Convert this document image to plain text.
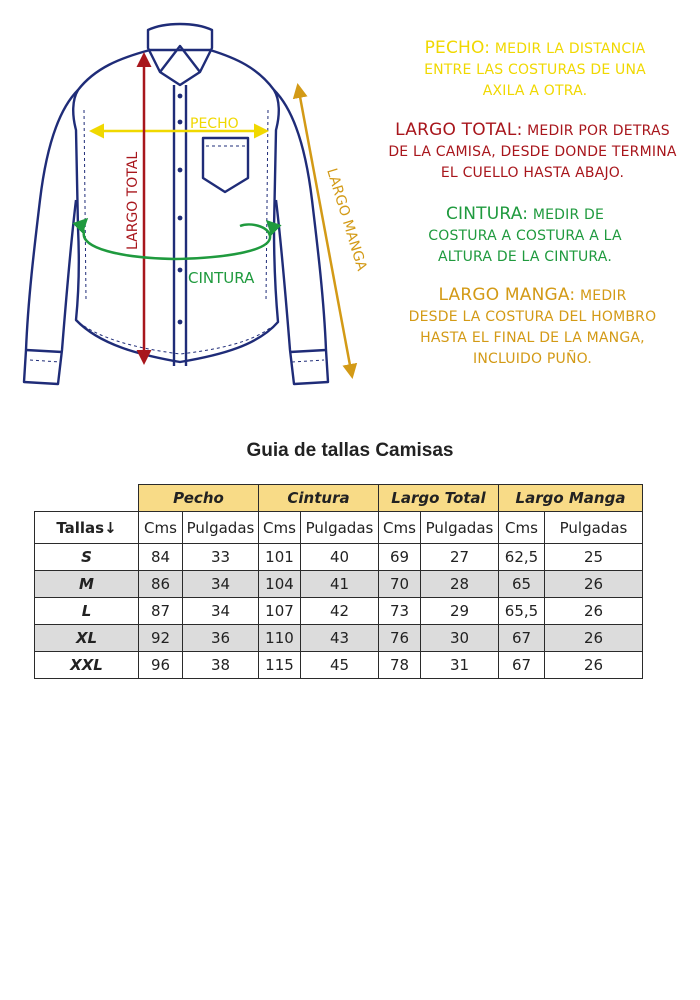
PECHO
LARGO TOTAL
CINTURA
LARGO MANGA
PECHO: MEDIR LA DISTANCIA
ENTRE LAS COSTURAS DE UNA
AXILA A OTRA.
LARGO TOTAL: MEDIR POR DETRAS
DE LA CAMISA, DESDE DONDE TERMINA
EL CUELLO HASTA ABAJO.
CINTURA: MEDIR DE
COSTURA A COSTURA A LA
ALTURA DE LA CINTURA.
LARGO MANGA: MEDIR
DESDE LA COSTURA DEL HOMBRO
HASTA EL FINAL DE LA MANGA,
INCLUIDO PUÑO.
Guia de tallas Camisas
	Pecho		Cintura		Largo Total		Largo Manga	
Tallas↓	Cms	Pulgadas	Cms	Pulgadas	Cms	Pulgadas	Cms	Pulgadas
S	84	33	101	40	69	27	62,5	25
M	86	34	104	41	70	28	65	26
L	87	34	107	42	73	29	65,5	26
XL	92	36	110	43	76	30	67	26
XXL	96	38	115	45	78	31	67	26
